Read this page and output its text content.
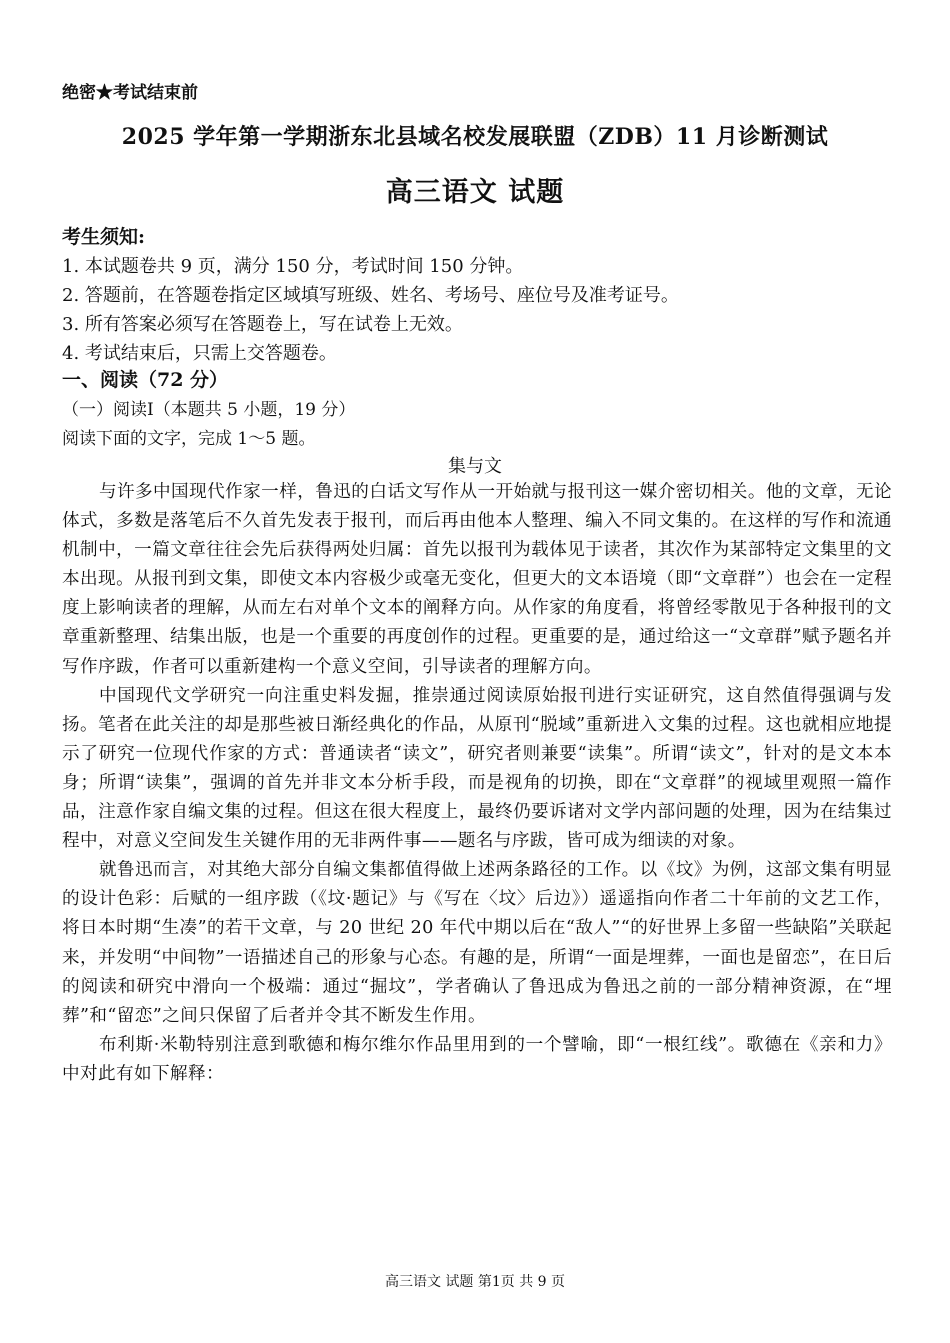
绝密★考试结束前
2025 学年第一学期浙东北县域名校发展联盟（ZDB）11 月诊断测试
高三语文 试题
考生须知:
1. 本试题卷共 9 页，满分 150 分，考试时间 150 分钟。
2. 答题前，在答题卷指定区域填写班级、姓名、考场号、座位号及准考证号。
3. 所有答案必须写在答题卷上，写在试卷上无效。
4. 考试结束后，只需上交答题卷。
一、阅读（72 分）
（一）阅读Ⅰ（本题共 5 小题，19 分）
阅读下面的文字，完成 1～5 题。
集与文

与许多中国现代作家一样，鲁迅的白话文写作从一开始就与报刊这一媒介密切相关。他的文章，无论体式，多数是落笔后不久首先发表于报刊，而后再由他本人整理、编入不同文集的。在这样的写作和流通机制中，一篇文章往往会先后获得两处归属：首先以报刊为载体见于读者，其次作为某部特定文集里的文本出现。从报刊到文集，即使文本内容极少或毫无变化，但更大的文本语境（即“文章群”）也会在一定程度上影响读者的理解，从而左右对单个文本的阐释方向。从作家的角度看，将曾经零散见于各种报刊的文章重新整理、结集出版，也是一个重要的再度创作的过程。更重要的是，通过给这一“文章群”赋予题名并写作序跋，作者可以重新建构一个意义空间，引导读者的理解方向。

中国现代文学研究一向注重史料发掘，推崇通过阅读原始报刊进行实证研究，这自然值得强调与发扬。笔者在此关注的却是那些被日渐经典化的作品，从原刊“脱域”重新进入文集的过程。这也就相应地提示了研究一位现代作家的方式：普通读者“读文”，研究者则兼要“读集”。所谓“读文”，针对的是文本本身；所谓“读集”，强调的首先并非文本分析手段，而是视角的切换，即在“文章群”的视域里观照一篇作品，注意作家自编文集的过程。但这在很大程度上，最终仍要诉诸对文学内部问题的处理，因为在结集过程中，对意义空间发生关键作用的无非两件事——题名与序跋，皆可成为细读的对象。

就鲁迅而言，对其绝大部分自编文集都值得做上述两条路径的工作。以《坟》为例，这部文集有明显的设计色彩：后赋的一组序跋（《坟·题记》与《写在〈坟〉后边》）遥遥指向作者二十年前的文艺工作，将日本时期“生凑”的若干文章，与 20 世纪 20 年代中期以后在“敌人”“的好世界上多留一些缺陷”关联起来，并发明“中间物”一语描述自己的形象与心态。有趣的是，所谓“一面是埋葬，一面也是留恋”，在日后的阅读和研究中滑向一个极端：通过“掘坟”，学者确认了鲁迅成为鲁迅之前的一部分精神资源，在“埋葬”和“留恋”之间只保留了后者并令其不断发生作用。

布利斯·米勒特别注意到歌德和梅尔维尔作品里用到的一个譬喻，即“一根红线”。歌德在《亲和力》中对此有如下解释：

高三语文 试题 第1页 共 9 页
